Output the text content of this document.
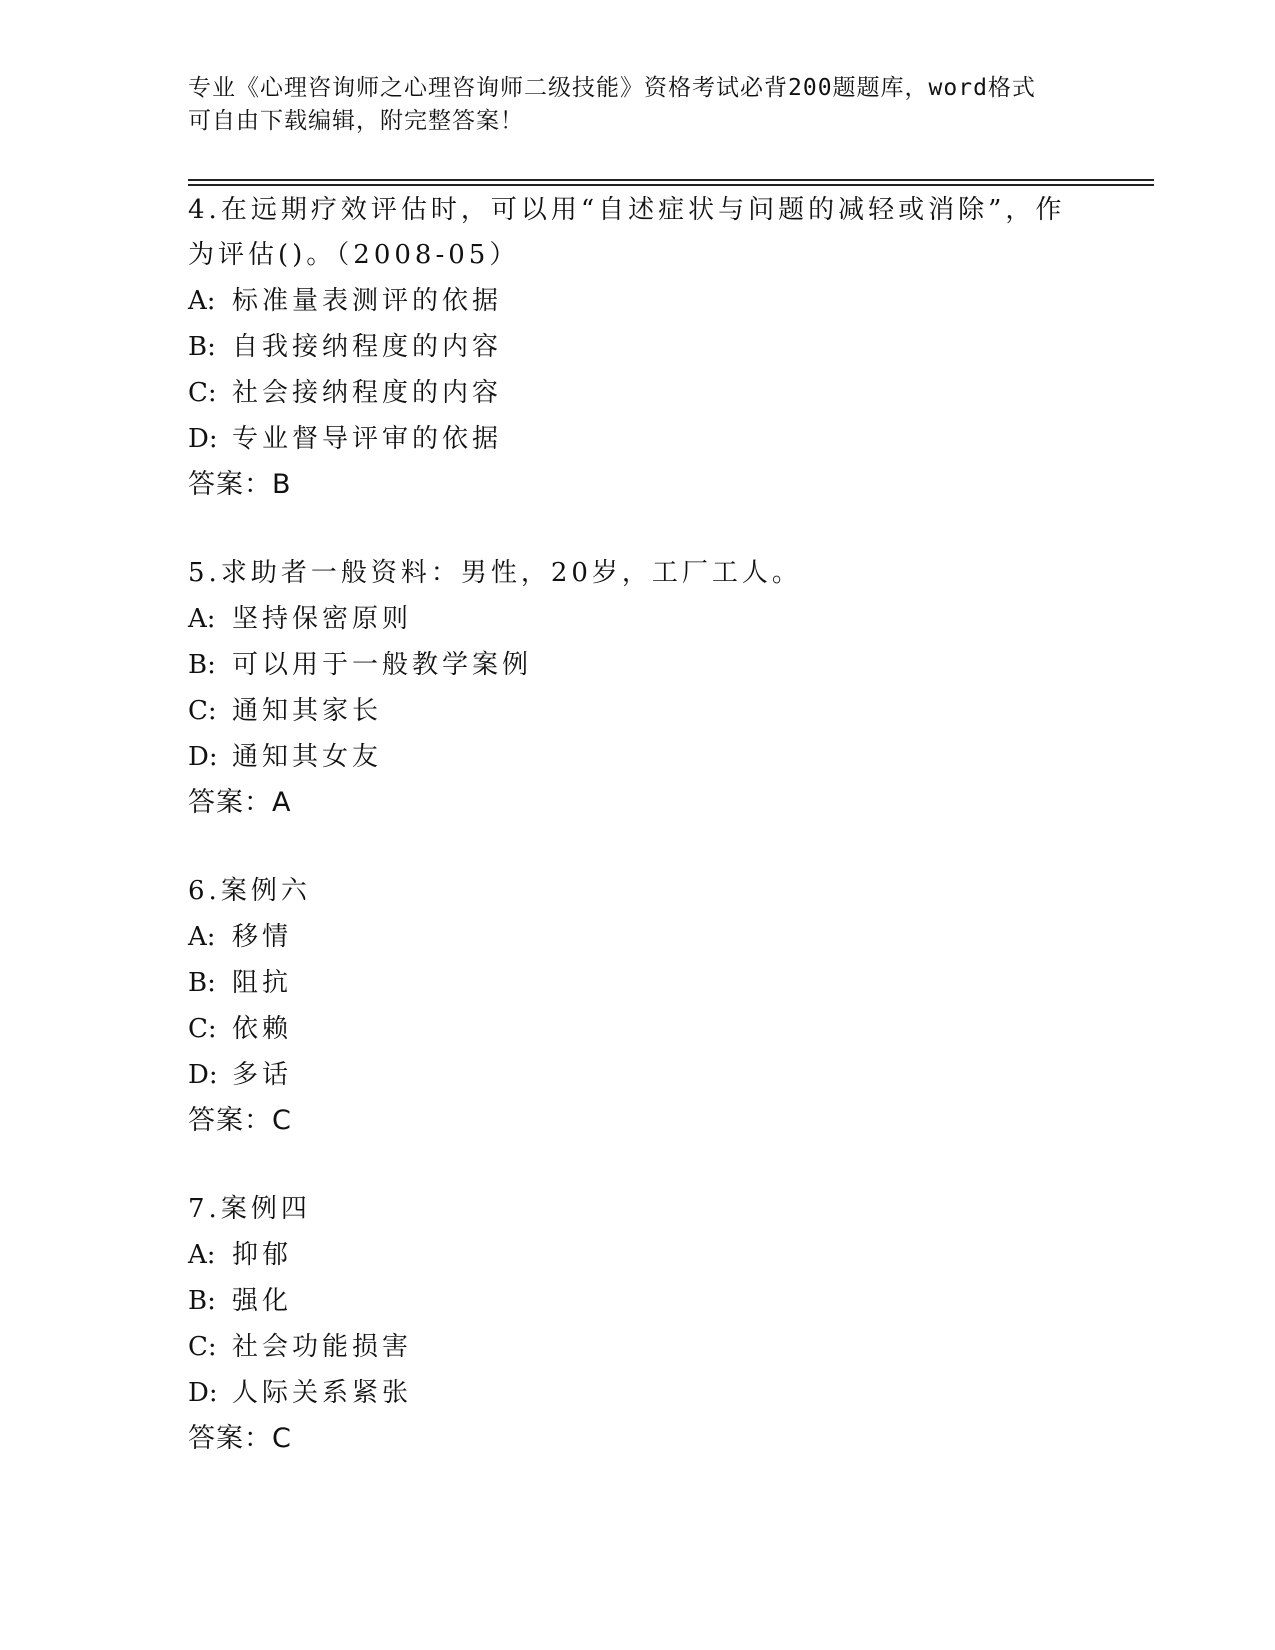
专业《心理咨询师之心理咨询师二级技能》资格考试必背200题题库，word格式
可自由下载编辑，附完整答案！
4.在远期疗效评估时，可以用“自述症状与问题的减轻或消除”，作为评估()。（2008-05）
A: 标准量表测评的依据
B: 自我接纳程度的内容
C: 社会接纳程度的内容
D: 专业督导评审的依据
答案：B
5.求助者一般资料：男性，20岁，工厂工人。
A: 坚持保密原则
B: 可以用于一般教学案例
C: 通知其家长
D: 通知其女友
答案：A
6.案例六
A: 移情
B: 阻抗
C: 依赖
D: 多话
答案：C
7.案例四
A: 抑郁
B: 强化
C: 社会功能损害
D: 人际关系紧张
答案：C
